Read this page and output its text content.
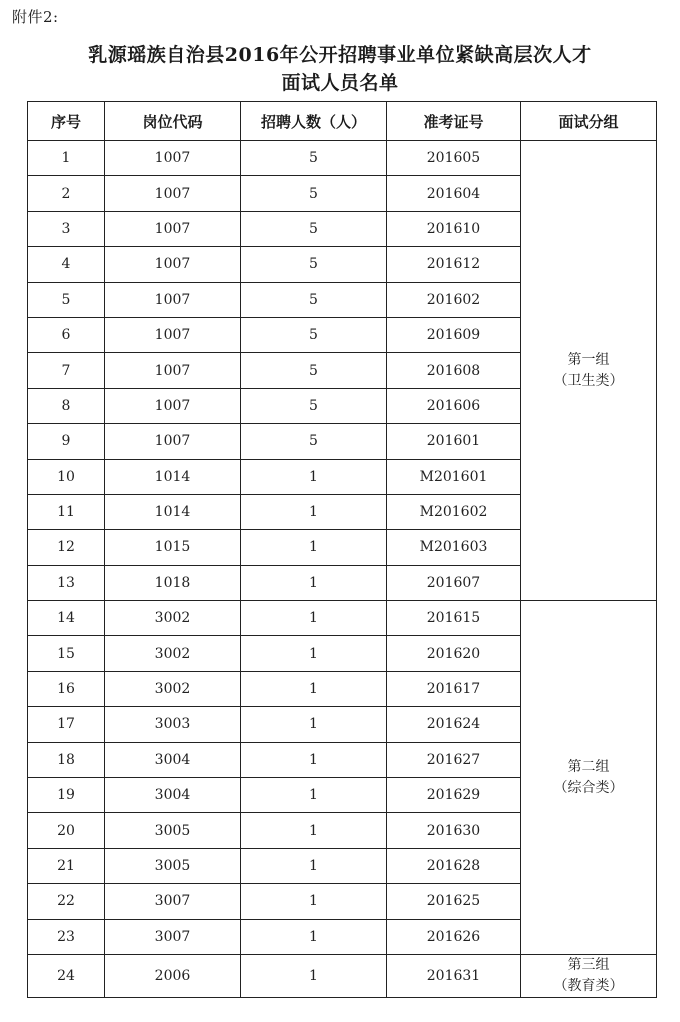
附件2:
乳源瑶族自治县2016年公开招聘事业单位紧缺高层次人才
面试人员名单
序号	岗位代码	招聘人数（人）	准考证号	面试分组
1	1007	5	201605	第一组
（卫生类）

2	1007	5	201604	
3	1007	5	201610	
4	1007	5	201612	
5	1007	5	201602	
6	1007	5	201609	
7	1007	5	201608	
8	1007	5	201606	
9	1007	5	201601	
10	1014	1	M201601	
11	1014	1	M201602	
12	1015	1	M201603	
13	1018	1	201607	
14	3002	1	201615	第二组
（综合类）

15	3002	1	201620	
16	3002	1	201617	
17	3003	1	201624	
18	3004	1	201627	
19	3004	1	201629	
20	3005	1	201630	
21	3005	1	201628	
22	3007	1	201625	
23	3007	1	201626	
24	2006	1	201631	第三组
（教育类）
